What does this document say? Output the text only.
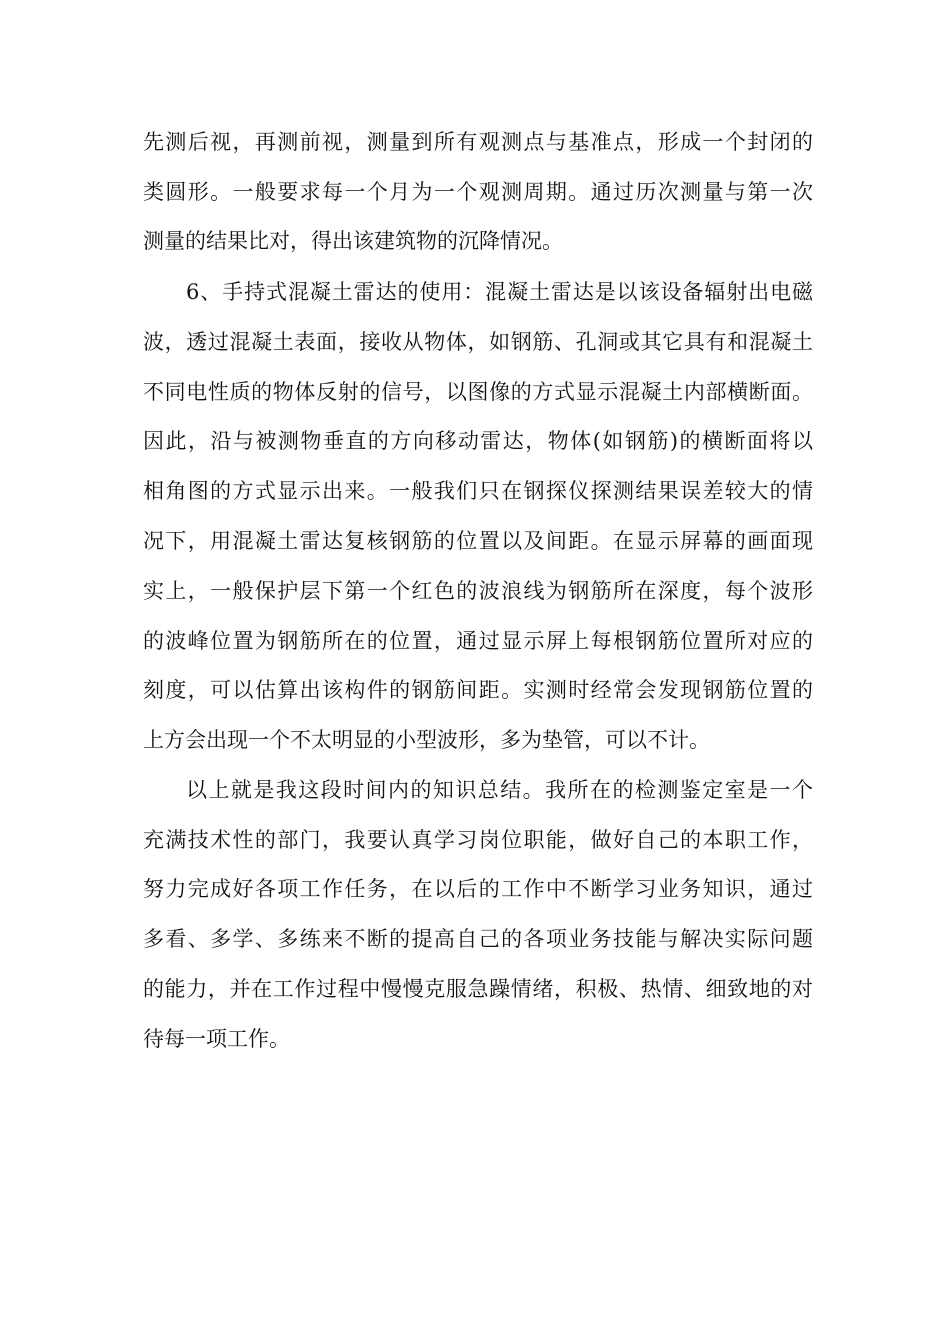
先测后视，再测前视，测量到所有观测点与基准点，形成一个封闭的
类圆形。一般要求每一个月为一个观测周期。通过历次测量与第一次
测量的结果比对，得出该建筑物的沉降情况。
6、手持式混凝土雷达的使用：混凝土雷达是以该设备辐射出电磁
波，透过混凝土表面，接收从物体，如钢筋、孔洞或其它具有和混凝土
不同电性质的物体反射的信号，以图像的方式显示混凝土内部横断面。
因此，沿与被测物垂直的方向移动雷达，物体(如钢筋)的横断面将以
相角图的方式显示出来。一般我们只在钢探仪探测结果误差较大的情
况下，用混凝土雷达复核钢筋的位置以及间距。在显示屏幕的画面现
实上，一般保护层下第一个红色的波浪线为钢筋所在深度，每个波形
的波峰位置为钢筋所在的位置，通过显示屏上每根钢筋位置所对应的
刻度，可以估算出该构件的钢筋间距。实测时经常会发现钢筋位置的
上方会出现一个不太明显的小型波形，多为垫管，可以不计。
以上就是我这段时间内的知识总结。我所在的检测鉴定室是一个
充满技术性的部门，我要认真学习岗位职能，做好自己的本职工作，
努力完成好各项工作任务，在以后的工作中不断学习业务知识，通过
多看、多学、多练来不断的提高自己的各项业务技能与解决实际问题
的能力，并在工作过程中慢慢克服急躁情绪，积极、热情、细致地的对
待每一项工作。
